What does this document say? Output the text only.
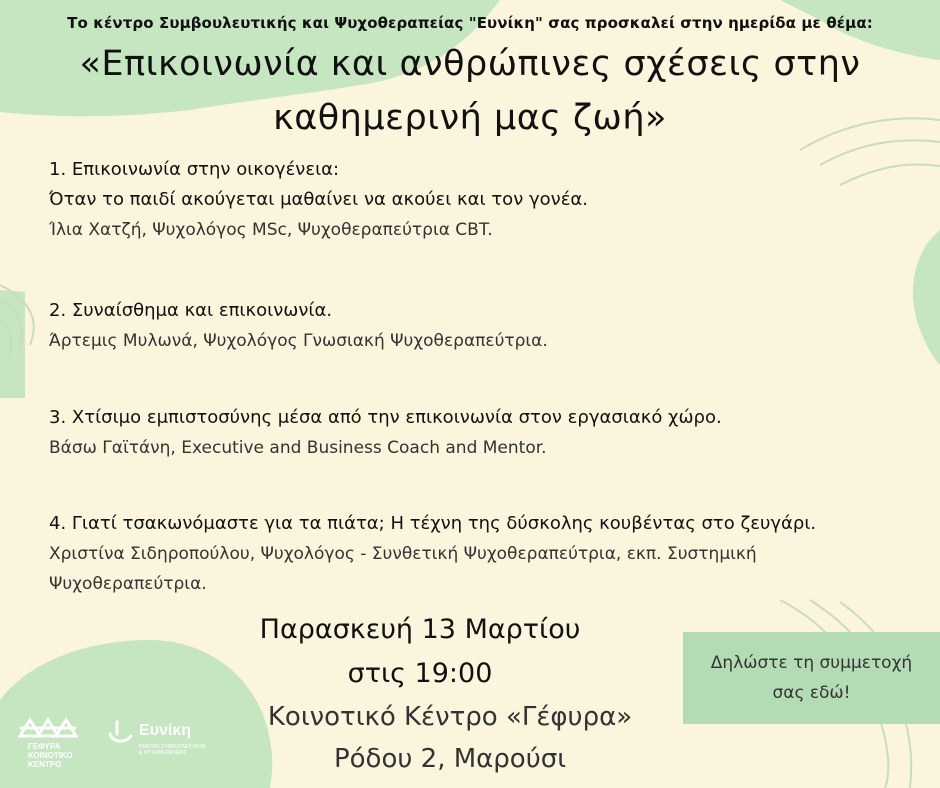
Το κέντρο Συμβουλευτικής και Ψυχοθεραπείας "Ευνίκη" σας προσκαλεί στην ημερίδα με θέμα:
«Επικοινωνία και ανθρώπινες σχέσεις στην
καθημερινή μας ζωή»
1. Επικοινωνία στην οικογένεια:
Όταν το παιδί ακούγεται μαθαίνει να ακούει και τον γονέα.
Ίλια Χατζή, Ψυχολόγος MSc, Ψυχοθεραπεύτρια CBT.
2. Συναίσθημα και επικοινωνία.
Άρτεμις Μυλωνά, Ψυχολόγος Γνωσιακή Ψυχοθεραπεύτρια.
3. Χτίσιμο εμπιστοσύνης μέσα από την επικοινωνία στον εργασιακό χώρο.
Βάσω Γαϊτάνη, Executive and Business Coach and Mentor.
4. Γιατί τσακωνόμαστε για τα πιάτα; Η τέχνη της δύσκολης κουβέντας στο ζευγάρι.
Χριστίνα Σιδηροπούλου, Ψυχολόγος - Συνθετική Ψυχοθεραπεύτρια, εκπ. Συστημική
Ψυχοθεραπεύτρια.
Παρασκευή 13 Μαρτίου
στις 19:00
Κοινοτικό Κέντρο «Γέφυρα»
Ρόδου 2, Μαρούσι
Δηλώστε τη συμμετοχή
σας εδώ!
ΓΕΦΥΡΑ
ΚΟΙΝΟΤΙΚΟ
ΚΕΝΤΡΟ
Ευνίκη
ΚΕΝΤΡΟ ΣΥΜΒΟΥΛΕΥΤΙΚΗΣ
& ΨΥΧΟΘΕΡΑΠΕΙΑΣ
